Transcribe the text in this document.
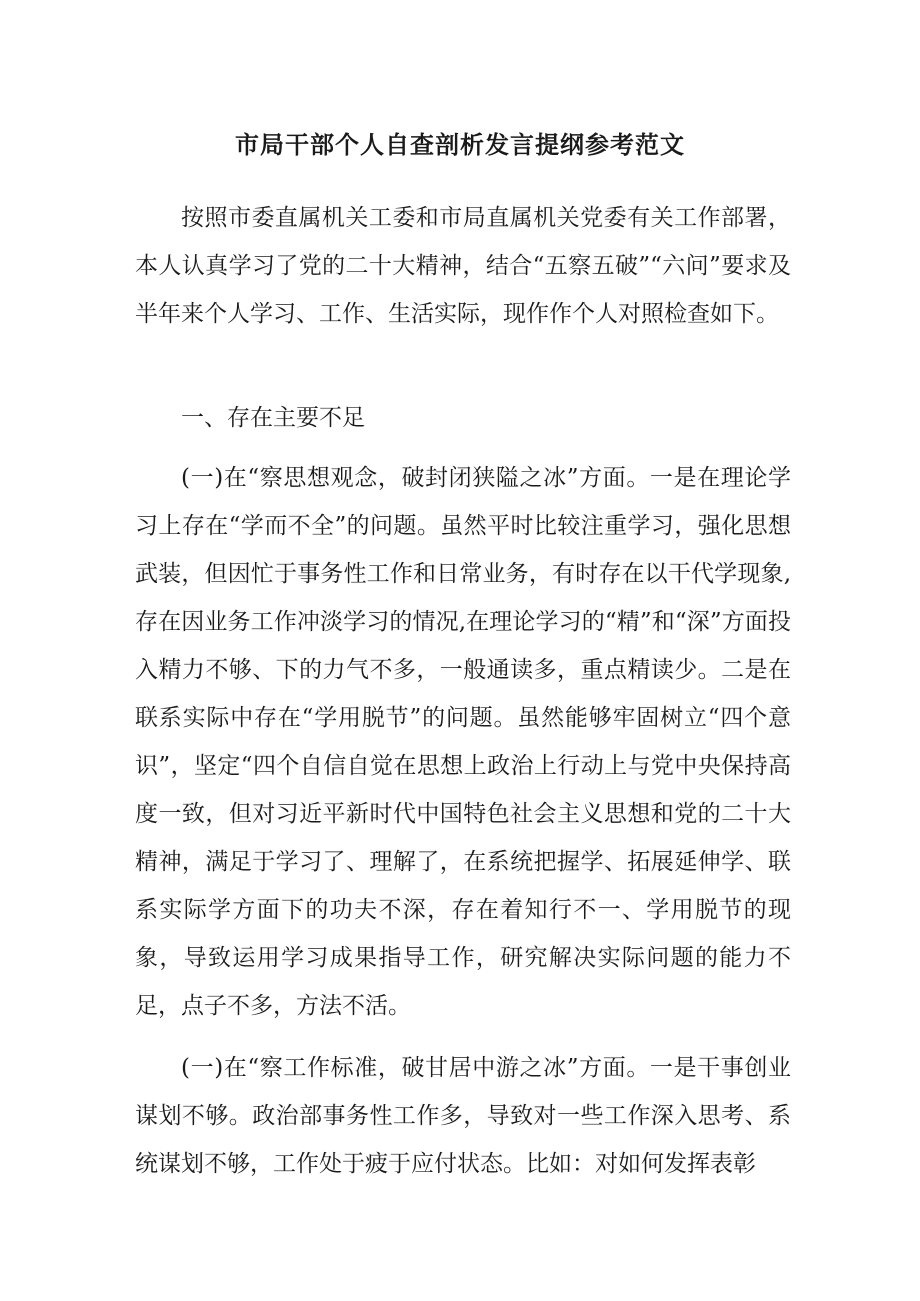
市局干部个人自查剖析发言提纲参考范文

按照市委直属机关工委和市局直属机关党委有关工作部署，本人认真学习了党的二十大精神，结合“五察五破”“六问”要求及半年来个人学习、工作、生活实际，现作作个人对照检查如下。

一、存在主要不足

(一)在“察思想观念，破封闭狭隘之冰”方面。一是在理论学习上存在“学而不全”的问题。虽然平时比较注重学习，强化思想武装，但因忙于事务性工作和日常业务，有时存在以干代学现象,存在因业务工作冲淡学习的情况,在理论学习的“精”和“深”方面投入精力不够、下的力气不多，一般通读多，重点精读少。二是在联系实际中存在“学用脱节”的问题。虽然能够牢固树立“四个意识”，坚定“四个自信自觉在思想上政治上行动上与党中央保持高度一致，但对习近平新时代中国特色社会主义思想和党的二十大精神，满足于学习了、理解了，在系统把握学、拓展延伸学、联系实际学方面下的功夫不深，存在着知行不一、学用脱节的现象，导致运用学习成果指导工作，研究解决实际问题的能力不足，点子不多，方法不活。

(一)在“察工作标准，破甘居中游之冰”方面。一是干事创业谋划不够。政治部事务性工作多，导致对一些工作深入思考、系统谋划不够，工作处于疲于应付状态。比如：对如何发挥表彰
